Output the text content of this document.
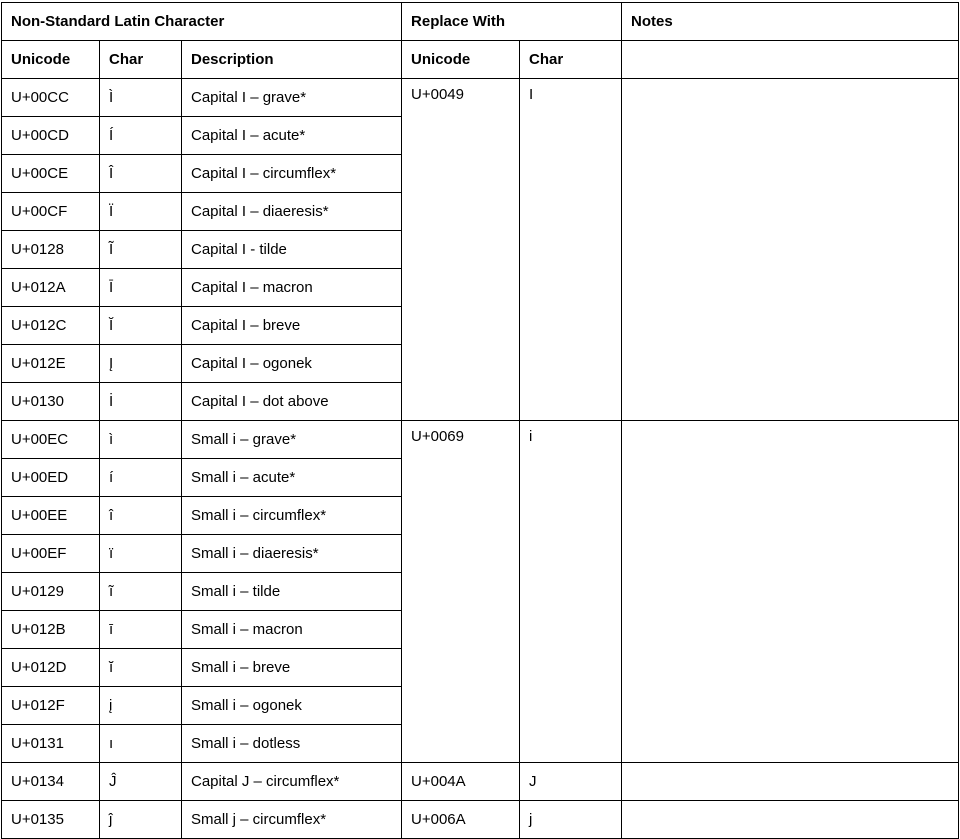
Non-Standard Latin Character			Replace With		Notes
Unicode	Char	Description	Unicode	Char	
U+00CC	Ì	Capital I – grave*	U+0049	I	
U+00CD	Í	Capital I – acute*			
U+00CE	Î	Capital I – circumflex*			
U+00CF	Ï	Capital I – diaeresis*			
U+0128	Ĩ	Capital I - tilde			
U+012A	Ī	Capital I – macron			
U+012C	Ĭ	Capital I – breve			
U+012E	Į	Capital I – ogonek			
U+0130	İ	Capital I – dot above			
U+00EC	ì	Small i – grave*	U+0069	i	
U+00ED	í	Small i – acute*			
U+00EE	î	Small i – circumflex*			
U+00EF	ï	Small i – diaeresis*			
U+0129	ĩ	Small i – tilde			
U+012B	ī	Small i – macron			
U+012D	ĭ	Small i – breve			
U+012F	į	Small i – ogonek			
U+0131	ı	Small i – dotless			
U+0134	Ĵ	Capital J – circumflex*	U+004A	J	
U+0135	ĵ	Small j – circumflex*	U+006A	j	
